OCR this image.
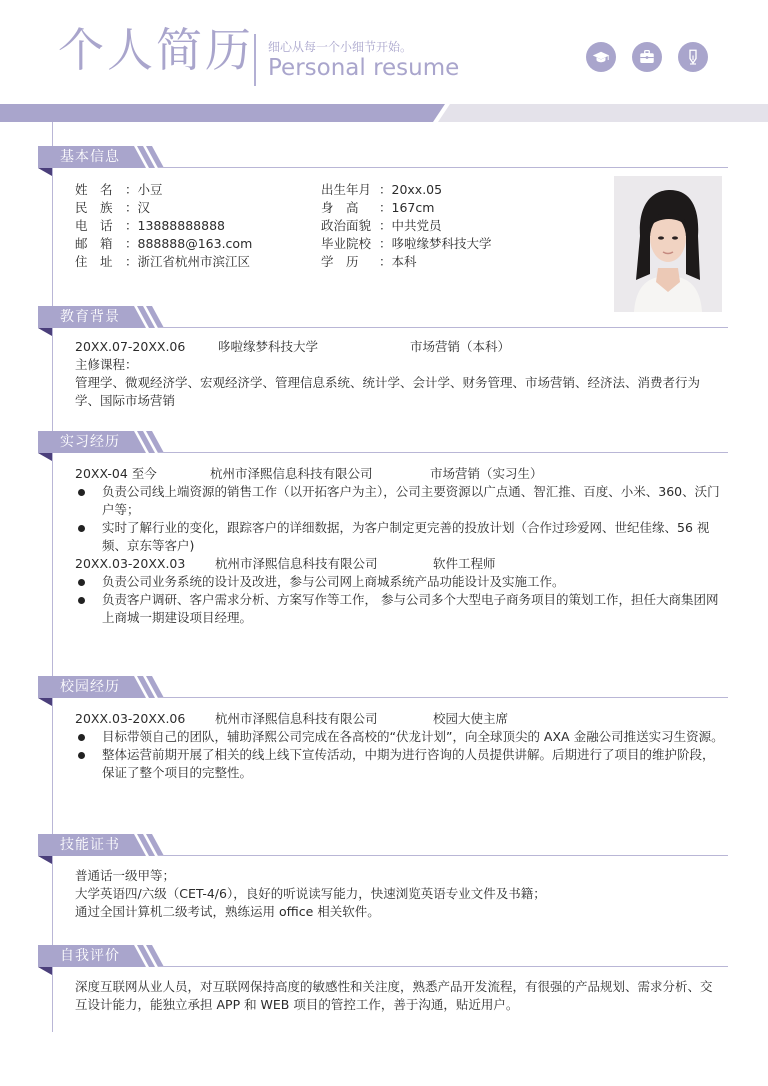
个人简历 细心从每一个小细节开始。
Personal resume
基本信息
姓　名 ：小豆
民　族 ：汉
电　话 ：13888888888
邮　箱 ：888888@163.com
住　址 ：浙江省杭州市滨江区
出生年月 ：20xx.05
身　高 ：167cm
政治面貌 ：中共党员
毕业院校 ：哆啦缘梦科技大学
学　历 ：本科
教育背景
20XX.07-20XX.06	哆啦缘梦科技大学	市场营销（本科）
主修课程：
管理学、微观经济学、宏观经济学、管理信息系统、统计学、会计学、财务管理、市场营销、经济法、消费者行为学、国际市场营销
实习经历
20XX-04 至今	杭州市泽熙信息科技有限公司	市场营销（实习生）
负责公司线上端资源的销售工作（以开拓客户为主），公司主要资源以广点通、智汇推、百度、小米、360、沃门户等；
实时了解行业的变化，跟踪客户的详细数据，为客户制定更完善的投放计划（合作过珍爱网、世纪佳缘、56 视频、京东等客户)
20XX.03-20XX.03 杭州市泽熙信息科技有限公司	软件工程师
负责公司业务系统的设计及改进，参与公司网上商城系统产品功能设计及实施工作。
负责客户调研、客户需求分析、方案写作等工作， 参与公司多个大型电子商务项目的策划工作，担任大商集团网上商城一期建设项目经理。
校园经历
20XX.03-20XX.06 杭州市泽熙信息科技有限公司	校园大使主席
目标带领自己的团队，辅助泽熙公司完成在各高校的“伏龙计划”，向全球顶尖的 AXA 金融公司推送实习生资源。
整体运营前期开展了相关的线上线下宣传活动，中期为进行咨询的人员提供讲解。后期进行了项目的维护阶段，保证了整个项目的完整性。
技能证书
普通话一级甲等；
大学英语四/六级（CET-4/6），良好的听说读写能力，快速浏览英语专业文件及书籍；
通过全国计算机二级考试，熟练运用 office 相关软件。
自我评价
深度互联网从业人员，对互联网保持高度的敏感性和关注度，熟悉产品开发流程，有很强的产品规划、需求分析、交互设计能力，能独立承担 APP 和 WEB 项目的管控工作，善于沟通，贴近用户。
